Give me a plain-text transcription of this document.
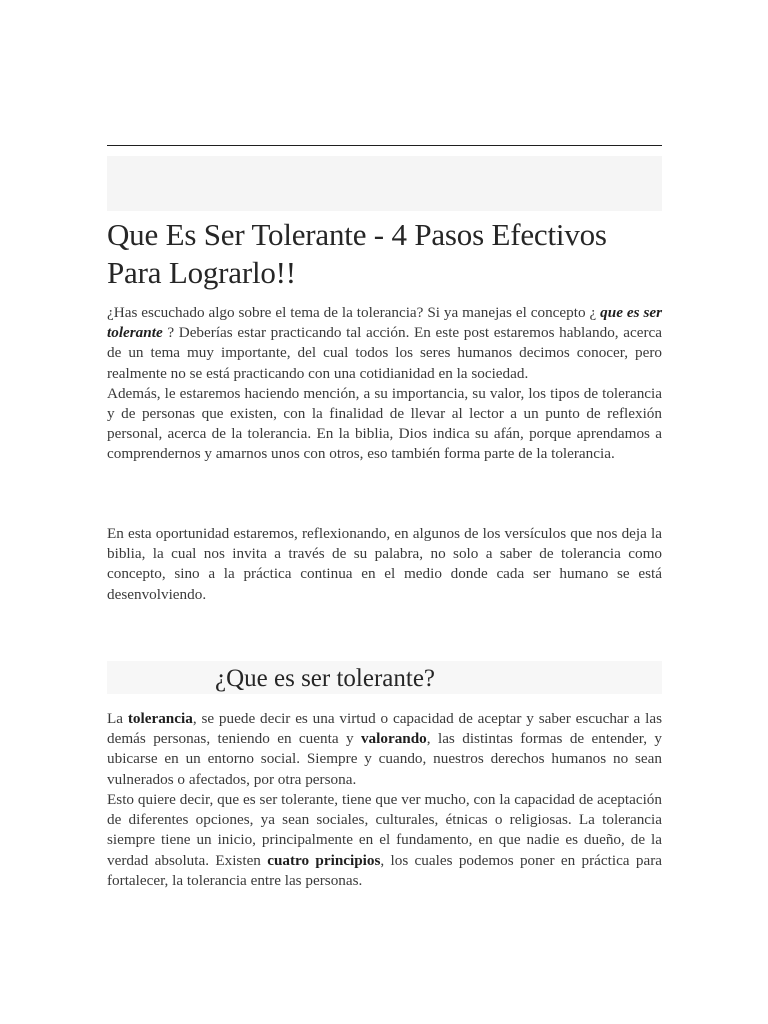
Que Es Ser Tolerante - 4 Pasos Efectivos Para Lograrlo!!

¿Has escuchado algo sobre el tema de la tolerancia? Si ya manejas el concepto ¿ que es ser tolerante ? Deberías estar practicando tal acción. En este post estaremos hablando, acerca de un tema muy importante, del cual todos los seres humanos decimos conocer, pero realmente no se está practicando con una cotidianidad en la sociedad.
Además, le estaremos haciendo mención, a su importancia, su valor, los tipos de tolerancia y de personas que existen, con la finalidad de llevar al lector a un punto de reflexión personal, acerca de la tolerancia. En la biblia, Dios indica su afán, porque aprendamos a comprendernos y amarnos unos con otros, eso también forma parte de la tolerancia.

En esta oportunidad estaremos, reflexionando, en algunos de los versículos que nos deja la biblia, la cual nos invita a través de su palabra, no solo a saber de tolerancia como concepto, sino a la práctica continua en el medio donde cada ser humano se está desenvolviendo.

¿Que es ser tolerante?

La tolerancia, se puede decir es una virtud o capacidad de aceptar y saber escuchar a las demás personas, teniendo en cuenta y valorando, las distintas formas de entender, y ubicarse en un entorno social. Siempre y cuando, nuestros derechos humanos no sean vulnerados o afectados, por otra persona.

Esto quiere decir, que es ser tolerante, tiene que ver mucho, con la capacidad de aceptación de diferentes opciones, ya sean sociales, culturales, étnicas o religiosas. La tolerancia siempre tiene un inicio, principalmente en el fundamento, en que nadie es dueño, de la verdad absoluta. Existen cuatro principios, los cuales podemos poner en práctica para fortalecer, la tolerancia entre las personas.
